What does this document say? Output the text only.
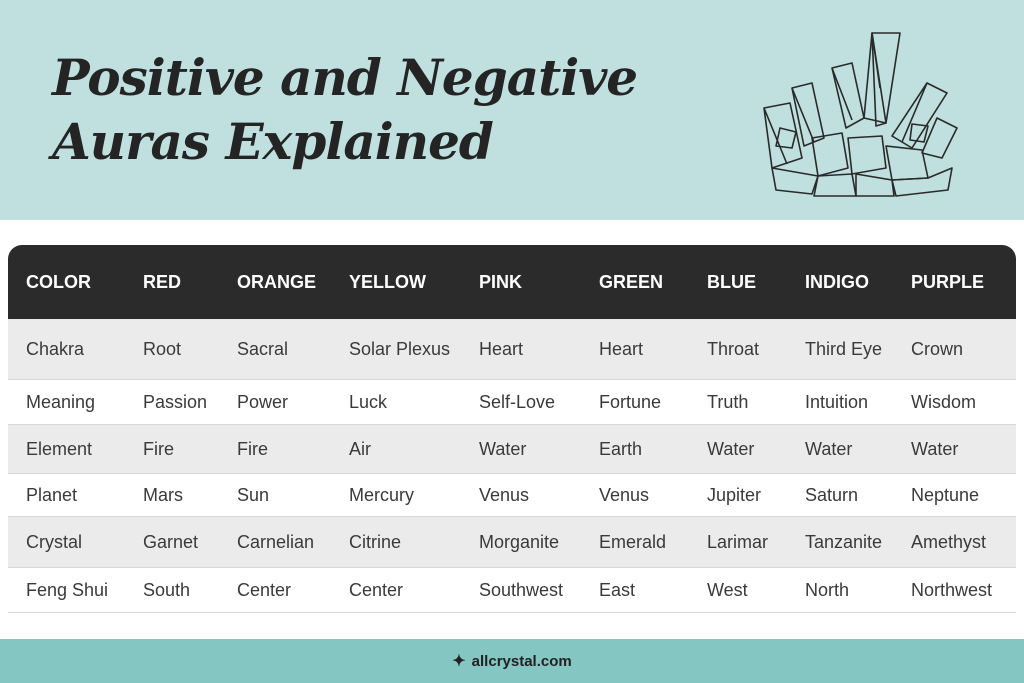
Positive and Negative
Auras Explained
COLOR	RED	ORANGE	YELLOW	PINK	GREEN	BLUE	INDIGO	PURPLE
Chakra	Root	Sacral	Solar Plexus	Heart	Heart	Throat	Third Eye	Crown
Meaning	Passion	Power	Luck	Self-Love	Fortune	Truth	Intuition	Wisdom
Element	Fire	Fire	Air	Water	Earth	Water	Water	Water
Planet	Mars	Sun	Mercury	Venus	Venus	Jupiter	Saturn	Neptune
Crystal	Garnet	Carnelian	Citrine	Morganite	Emerald	Larimar	Tanzanite	Amethyst
Feng Shui	South	Center	Center	Southwest	East	West	North	Northwest
✦ allcrystal.com
